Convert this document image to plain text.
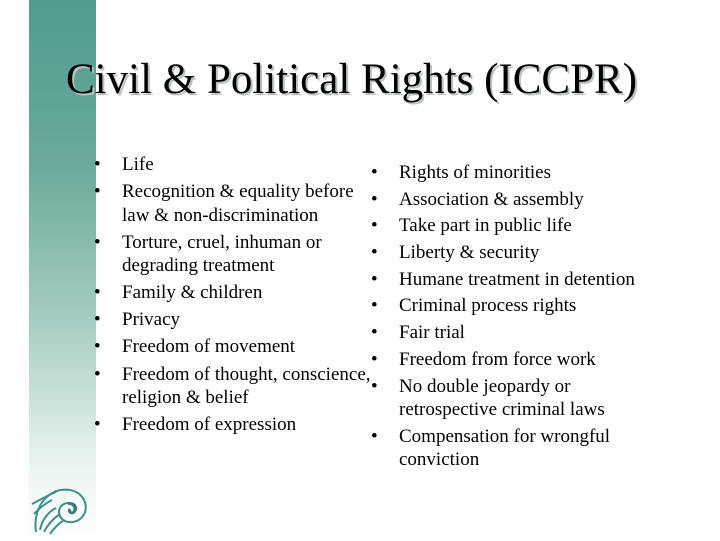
Civil & Political Rights (ICCPR)
• Life
• Recognition & equality before law & non-discrimination
• Torture, cruel, inhuman or degrading treatment
• Family & children
• Privacy
• Freedom of movement
• Freedom of thought, conscience, religion & belief
• Freedom of expression
• Rights of minorities
• Association & assembly
• Take part in public life
• Liberty & security
• Humane treatment in detention
• Criminal process rights
• Fair trial
• Freedom from force work
• No double jeopardy or retrospective criminal laws
• Compensation for wrongful conviction
